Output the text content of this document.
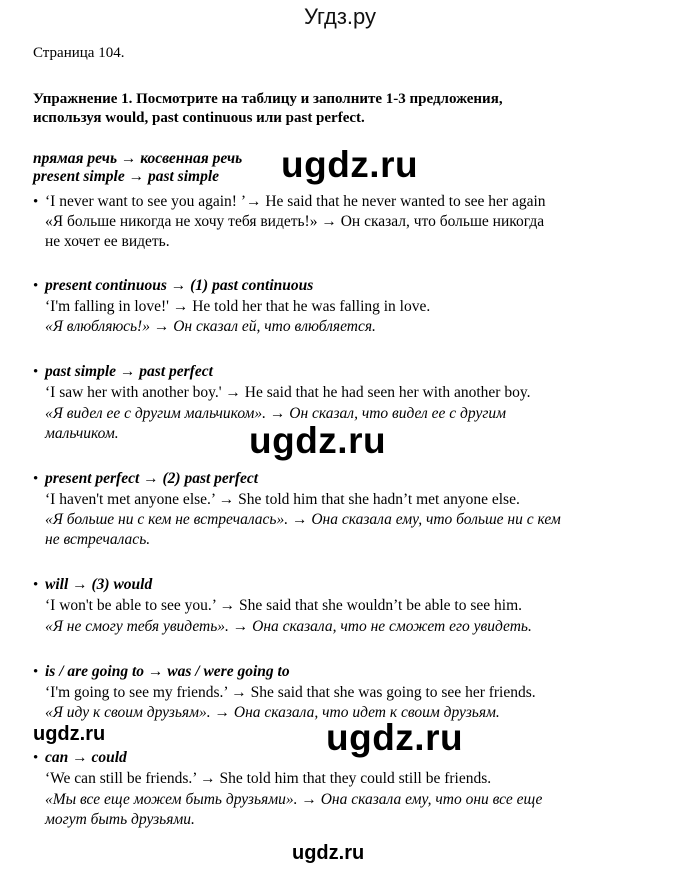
Угдз.ру
Страница 104.
Упражнение 1. Посмотрите на таблицу и заполните 1-3 предложения,
используя would, past continuous или past perfect.
прямая речь → косвенная речь
present simple → past simple
• ‘I never want to see you again! ’→ He said that he never wanted to see her again
«Я больше никогда не хочу тебя видеть!» → Он сказал, что больше никогда
не хочет ее видеть.
• present continuous → (1) past continuous
‘I'm falling in love!' → He told her that he was falling in love.
«Я влюбляюсь!» → Он сказал ей, что влюбляется.
• past simple → past perfect
‘I saw her with another boy.' → He said that he had seen her with another boy.
«Я видел ее с другим мальчиком». → Он сказал, что видел ее с другим
мальчиком.
• present perfect → (2) past perfect
‘I haven't met anyone else.’ → She told him that she hadn’t met anyone else.
«Я больше ни с кем не встречалась». → Она сказала ему, что больше ни с кем
не встречалась.
• will → (3) would
‘I won't be able to see you.’ → She said that she wouldn’t be able to see him.
«Я не смогу тебя увидеть». → Она сказала, что не сможет его увидеть.
• is / are going to → was / were going to
‘I'm going to see my friends.’ → She said that she was going to see her friends.
«Я иду к своим друзьям». → Она сказала, что идет к своим друзьям.
• can → could
‘We can still be friends.’ → She told him that they could still be friends.
«Мы все еще можем быть друзьями». → Она сказала ему, что они все еще
могут быть друзьями.
ugdz.ru
ugdz.ru
ugdz.ru
ugdz.ru
ugdz.ru
